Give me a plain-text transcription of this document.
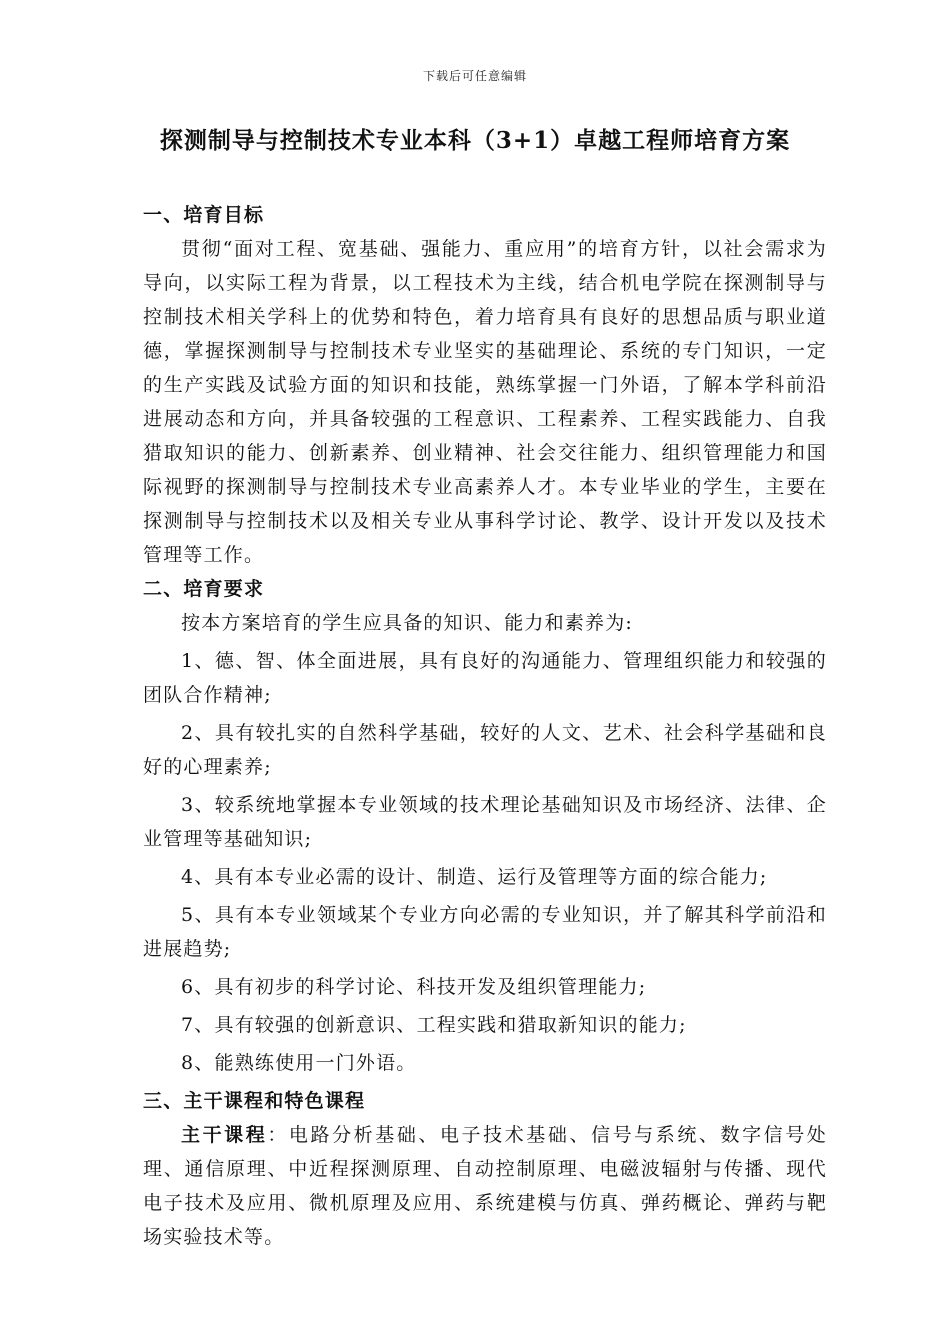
下载后可任意编辑
探测制导与控制技术专业本科（3+1）卓越工程师培育方案

一、培育目标

贯彻“面对工程、宽基础、强能力、重应用”的培育方针，以社会需求为导向，以实际工程为背景，以工程技术为主线，结合机电学院在探测制导与控制技术相关学科上的优势和特色，着力培育具有良好的思想品质与职业道德，掌握探测制导与控制技术专业坚实的基础理论、系统的专门知识，一定的生产实践及试验方面的知识和技能，熟练掌握一门外语，了解本学科前沿进展动态和方向，并具备较强的工程意识、工程素养、工程实践能力、自我猎取知识的能力、创新素养、创业精神、社会交往能力、组织管理能力和国际视野的探测制导与控制技术专业高素养人才。本专业毕业的学生，主要在探测制导与控制技术以及相关专业从事科学讨论、教学、设计开发以及技术管理等工作。

二、培育要求

按本方案培育的学生应具备的知识、能力和素养为:

1、德、智、体全面进展，具有良好的沟通能力、管理组织能力和较强的团队合作精神;

2、具有较扎实的自然科学基础，较好的人文、艺术、社会科学基础和良好的心理素养;

3、较系统地掌握本专业领域的技术理论基础知识及市场经济、法律、企业管理等基础知识;

4、具有本专业必需的设计、制造、运行及管理等方面的综合能力;

5、具有本专业领域某个专业方向必需的专业知识，并了解其科学前沿和进展趋势;

6、具有初步的科学讨论、科技开发及组织管理能力;

7、具有较强的创新意识、工程实践和猎取新知识的能力;

8、能熟练使用一门外语。

三、主干课程和特色课程

主干课程：电路分析基础、电子技术基础、信号与系统、数字信号处理、通信原理、中近程探测原理、自动控制原理、电磁波辐射与传播、现代电子技术及应用、微机原理及应用、系统建模与仿真、弹药概论、弹药与靶场实验技术等。
